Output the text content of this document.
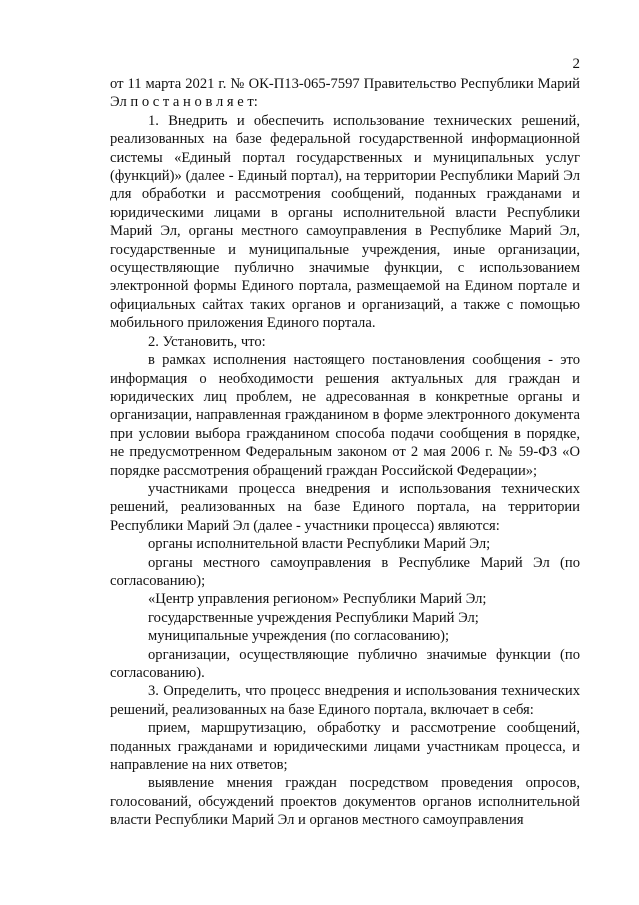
2

от 11 марта 2021 г. № ОК-П13-065-7597 Правительство Республики Марий Эл п о с т а н о в л я е т:

1. Внедрить и обеспечить использование технических решений, реализованных на базе федеральной государственной информационной системы «Единый портал государственных и муниципальных услуг (функций)» (далее - Единый портал), на территории Республики Марий Эл для обработки и рассмотрения сообщений, поданных гражданами и юридическими лицами в органы исполнительной власти Республики Марий Эл, органы местного самоуправления в Республике Марий Эл, государственные и муниципальные учреждения, иные организации, осуществляющие публично значимые функции, с использованием электронной формы Единого портала, размещаемой на Едином портале и официальных сайтах таких органов и организаций, а также с помощью мобильного приложения Единого портала.

2. Установить, что:

в рамках исполнения настоящего постановления сообщения - это информация о необходимости решения актуальных для граждан и юридических лиц проблем, не адресованная в конкретные органы и организации, направленная гражданином в форме электронного документа при условии выбора гражданином способа подачи сообщения в порядке, не предусмотренном Федеральным законом от 2 мая 2006 г. № 59-ФЗ «О порядке рассмотрения обращений граждан Российской Федерации»;

участниками процесса внедрения и использования технических решений, реализованных на базе Единого портала, на территории Республики Марий Эл (далее - участники процесса) являются:

органы исполнительной власти Республики Марий Эл;

органы местного самоуправления в Республике Марий Эл (по согласованию);

«Центр управления регионом» Республики Марий Эл;

государственные учреждения Республики Марий Эл;

муниципальные учреждения (по согласованию);

организации, осуществляющие публично значимые функции (по согласованию).

3. Определить, что процесс внедрения и использования технических решений, реализованных на базе Единого портала, включает в себя:

прием, маршрутизацию, обработку и рассмотрение сообщений, поданных гражданами и юридическими лицами участникам процесса, и направление на них ответов;

выявление мнения граждан посредством проведения опросов, голосований, обсуждений проектов документов органов исполнительной власти Республики Марий Эл и органов местного самоуправления
